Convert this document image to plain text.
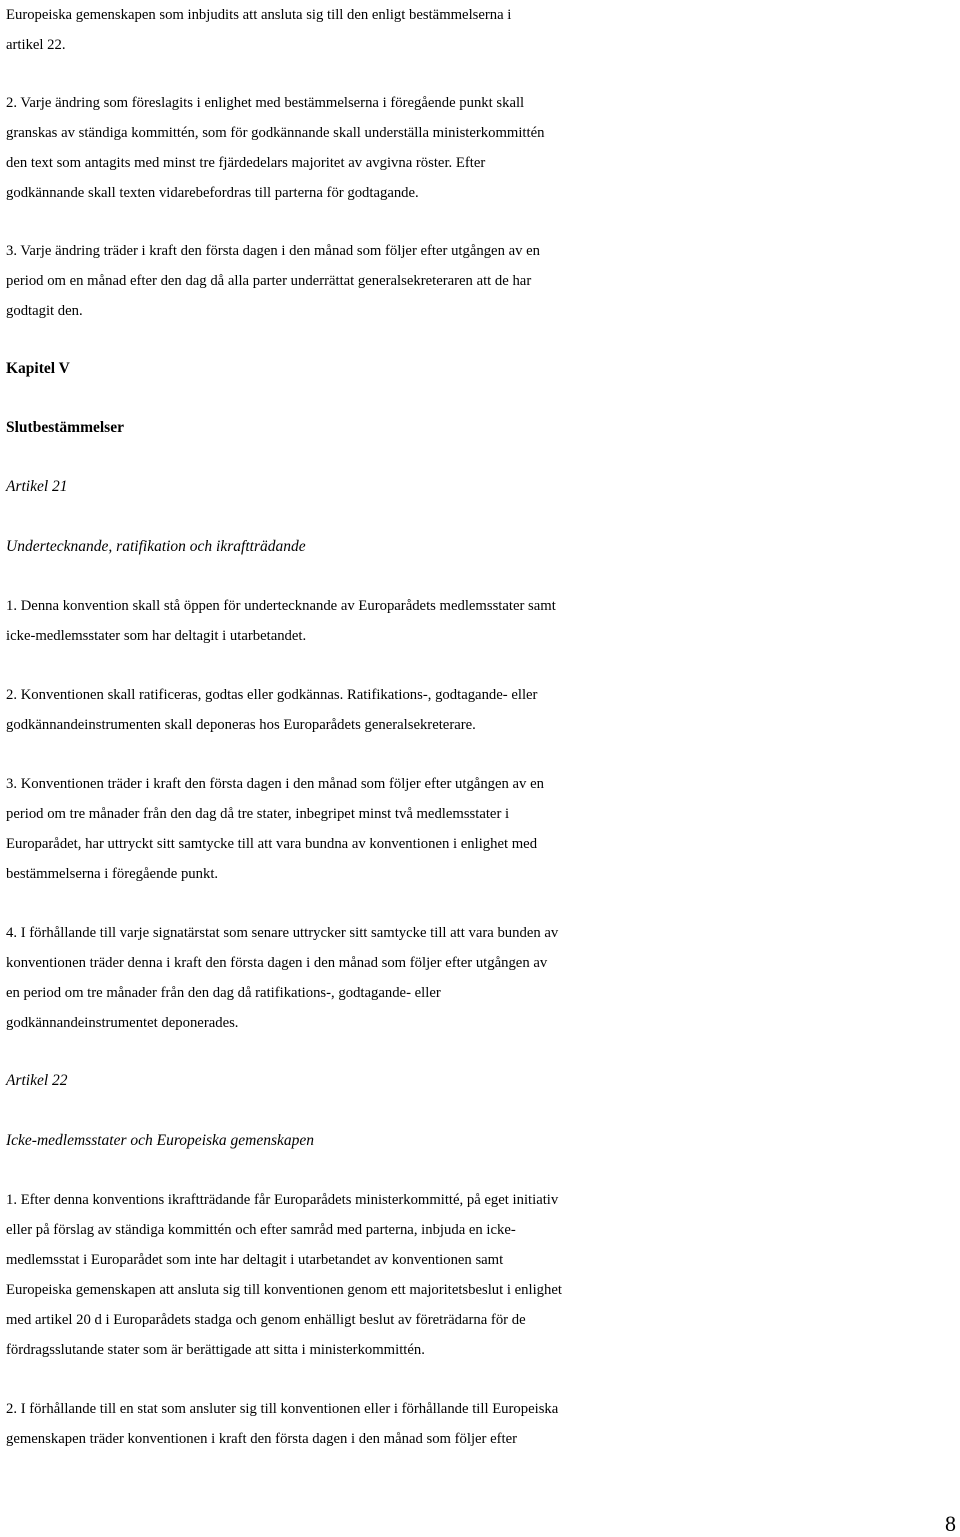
Europeiska gemenskapen som inbjudits att ansluta sig till den enligt bestämmelserna i
artikel 22.

2. Varje ändring som föreslagits i enlighet med bestämmelserna i föregående punkt skall
granskas av ständiga kommittén, som för godkännande skall underställa ministerkommittén
den text som antagits med minst tre fjärdedelars majoritet av avgivna röster. Efter
godkännande skall texten vidarebefordras till parterna för godtagande.

3. Varje ändring träder i kraft den första dagen i den månad som följer efter utgången av en
period om en månad efter den dag då alla parter underrättat generalsekreteraren att de har
godtagit den.

Kapitel V

Slutbestämmelser

Artikel 21

Undertecknande, ratifikation och ikraftträdande

1. Denna konvention skall stå öppen för undertecknande av Europarådets medlemsstater samt
icke-medlemsstater som har deltagit i utarbetandet.

2. Konventionen skall ratificeras, godtas eller godkännas. Ratifikations-, godtagande- eller
godkännandeinstrumenten skall deponeras hos Europarådets generalsekreterare.

3. Konventionen träder i kraft den första dagen i den månad som följer efter utgången av en
period om tre månader från den dag då tre stater, inbegripet minst två medlemsstater i
Europarådet, har uttryckt sitt samtycke till att vara bundna av konventionen i enlighet med
bestämmelserna i föregående punkt.

4. I förhållande till varje signatärstat som senare uttrycker sitt samtycke till att vara bunden av
konventionen träder denna i kraft den första dagen i den månad som följer efter utgången av
en period om tre månader från den dag då ratifikations-, godtagande- eller
godkännandeinstrumentet deponerades.

Artikel 22

Icke-medlemsstater och Europeiska gemenskapen

1. Efter denna konventions ikraftträdande får Europarådets ministerkommitté, på eget initiativ
eller på förslag av ständiga kommittén och efter samråd med parterna, inbjuda en icke-
medlemsstat i Europarådet som inte har deltagit i utarbetandet av konventionen samt
Europeiska gemenskapen att ansluta sig till konventionen genom ett majoritetsbeslut i enlighet
med artikel 20 d i Europarådets stadga och genom enhälligt beslut av företrädarna för de
fördragsslutande stater som är berättigade att sitta i ministerkommittén.

2. I förhållande till en stat som ansluter sig till konventionen eller i förhållande till Europeiska
gemenskapen träder konventionen i kraft den första dagen i den månad som följer efter

8
